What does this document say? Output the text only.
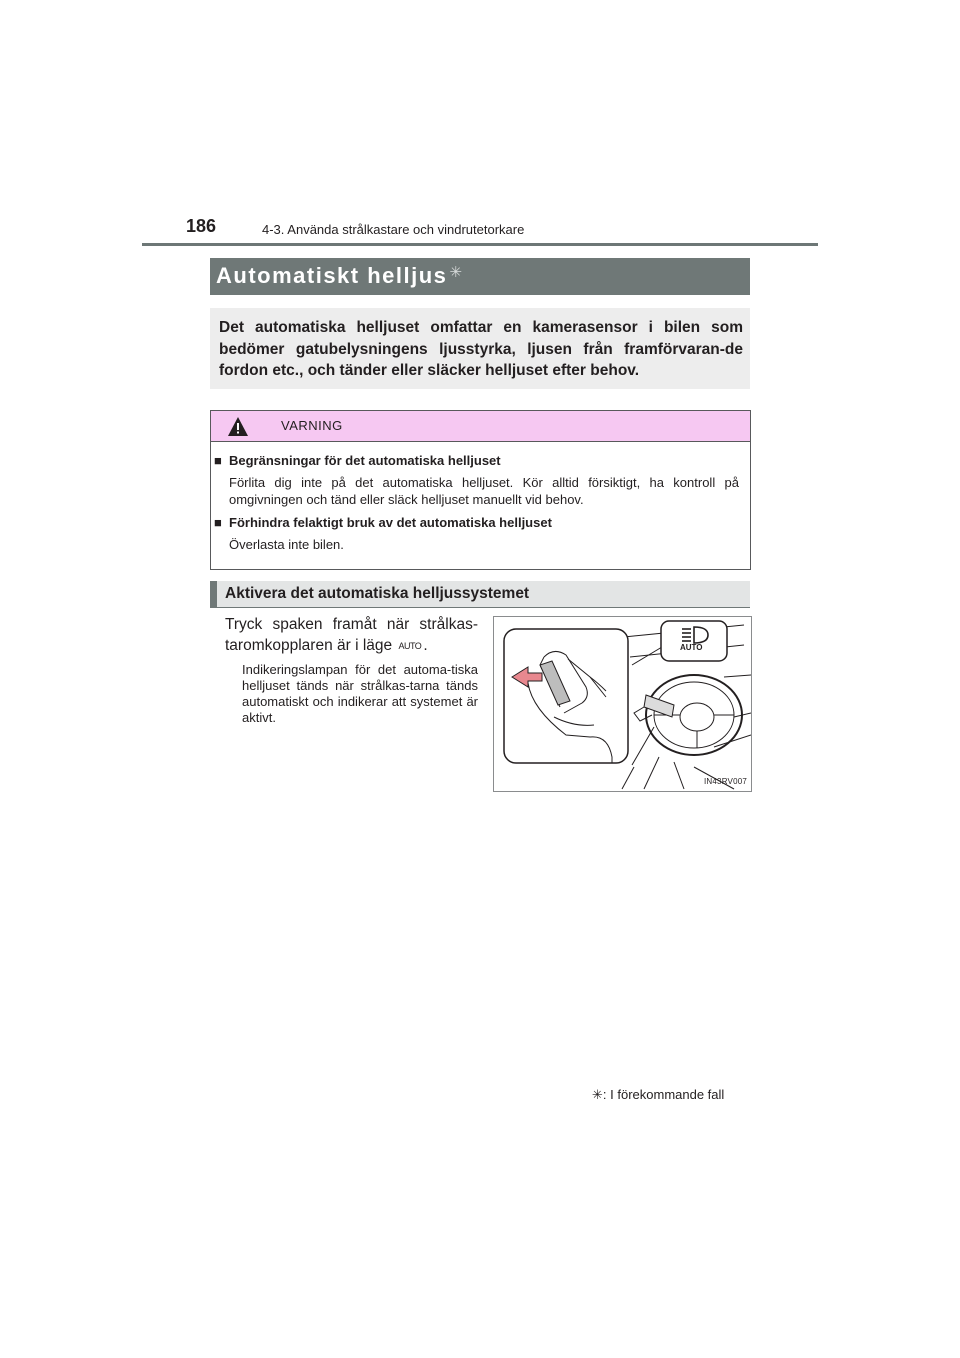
186	4-3. Använda strålkastare och vindrutetorkare
Automatiskt helljus ✳
Det automatiska helljuset omfattar en kamerasensor i bilen som bedömer gatubelysningens ljusstyrka, ljusen från framförvaran-de fordon etc., och tänder eller släcker helljuset efter behov.
VARNING
■ Begränsningar för det automatiska helljuset
Förlita dig inte på det automatiska helljuset. Kör alltid försiktigt, ha kontroll på omgivningen och tänd eller släck helljuset manuellt vid behov.
■ Förhindra felaktigt bruk av det automatiska helljuset
Överlasta inte bilen.
Aktivera det automatiska helljussystemet
Tryck spaken framåt när strålkas-taromkopplaren är i läge AUTO .
Indikeringslampan för det automa-tiska helljuset tänds när strålkas-tarna tänds automatiskt och indikerar att systemet är aktivt.
AUTO
IN43RV007
✳: I förekommande fall
